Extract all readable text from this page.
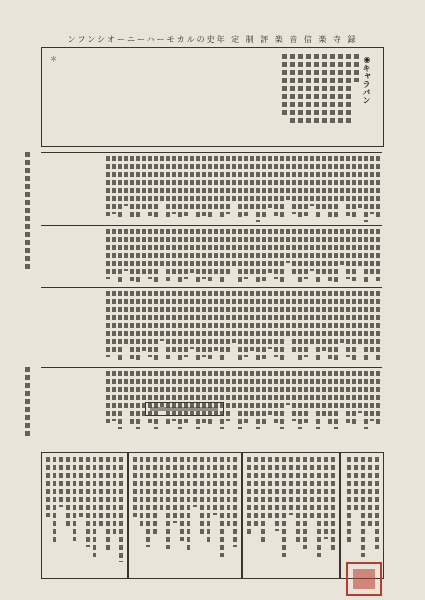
ンフンシオーニーハーモカルの史年 定 制 評 楽 音 信 楽 寺 録
＊	◉キャラバン
